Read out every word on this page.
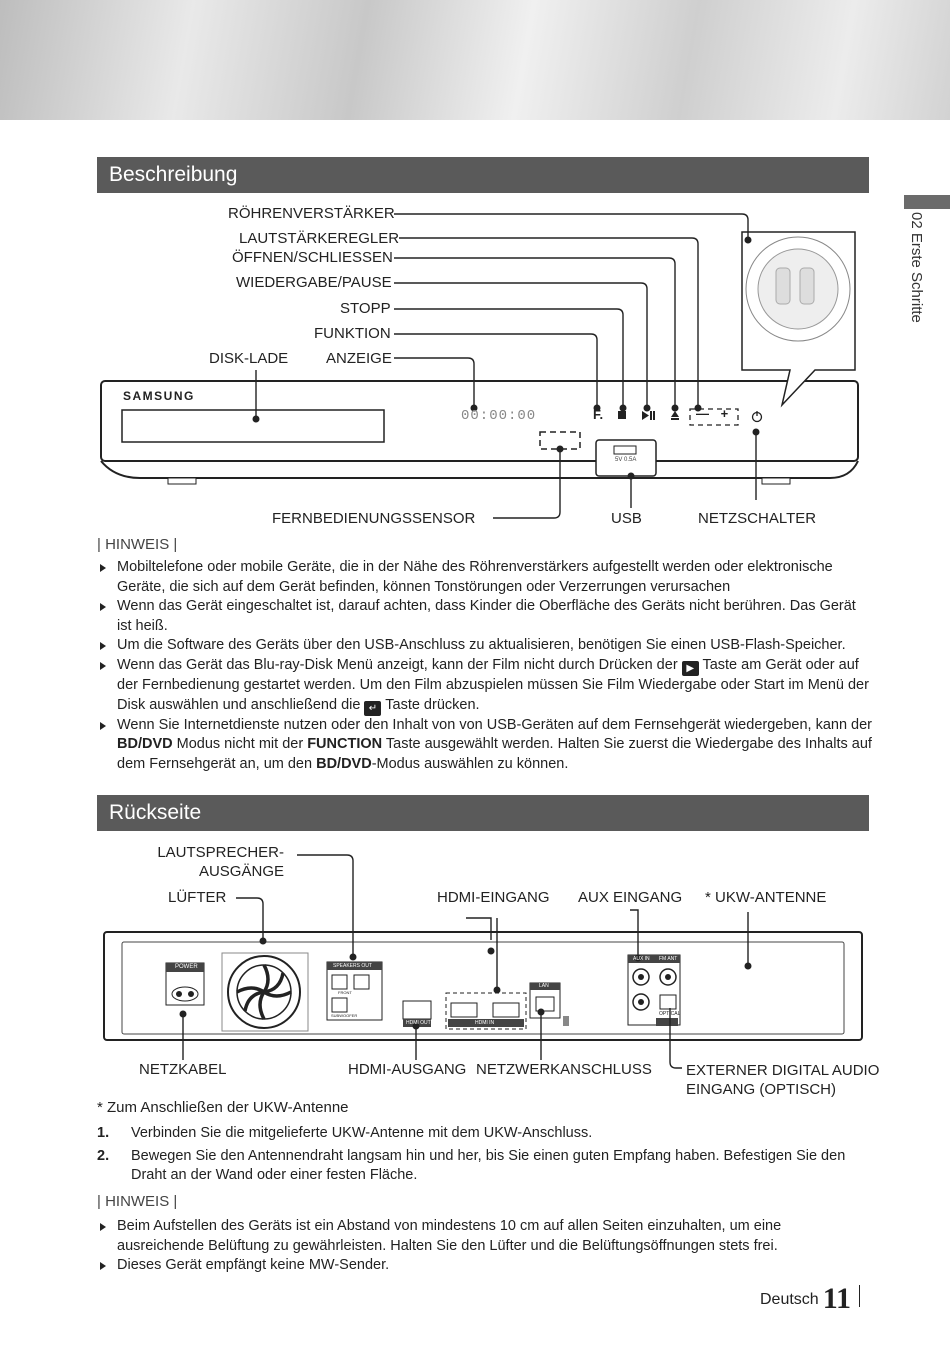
Beschreibung
02 Erste Schritte
SAMSUNG
00:00:00	F.	— +
5V 0.5A
RÖHRENVERSTÄRKER
LAUTSTÄRKEREGLER
ÖFFNEN/SCHLIESSEN
WIEDERGABE/PAUSE
STOPP
FUNKTION
DISK-LADE	ANZEIGE
FERNBEDIENUNGSSENSOR	USB	NETZSCHALTER
| HINWEIS |
Mobiltelefone oder mobile Geräte, die in der Nähe des Röhrenverstärkers aufgestellt werden oder elektronische Geräte, die sich auf dem Gerät befinden, können Tonstörungen oder Verzerrungen verursachen
Wenn das Gerät eingeschaltet ist, darauf achten, dass Kinder die Oberfläche des Geräts nicht berühren. Das Gerät ist heiß.
Um die Software des Geräts über den USB-Anschluss zu aktualisieren, benötigen Sie einen USB-Flash-Speicher.
Wenn das Gerät das Blu-ray-Disk Menü anzeigt, kann der Film nicht durch Drücken der ▶ Taste am Gerät oder auf der Fernbedienung gestartet werden. Um den Film abzuspielen müssen Sie Film Wiedergabe oder Start im Menü der Disk auswählen und anschließend die ↵ Taste drücken.
Wenn Sie Internetdienste nutzen oder den Inhalt von von USB-Geräten auf dem Fernsehgerät wiedergeben, kann der BD/DVD Modus nicht mit der FUNCTION Taste ausgewählt werden. Halten Sie zuerst die Wiedergabe des Inhalts auf dem Fernsehgerät an, um den BD/DVD-Modus auswählen zu können.
Rückseite
POWER	SPEAKERS OUT
FRONT
SUBWOOFER
HDMI OUT	HDMI IN
LAN
AUX IN FM ANT
OPTICAL
LAUTSPRECHER-
AUSGÄNGE
LÜFTER	HDMI-EINGANG AUX EINGANG * UKW-ANTENNE
NETZKABEL	HDMI-AUSGANG NETZWERKANSCHLUSS EXTERNER DIGITAL AUDIO
EINGANG (OPTISCH)
* Zum Anschließen der UKW-Antenne
1. Verbinden Sie die mitgelieferte UKW-Antenne mit dem UKW-Anschluss.
2. Bewegen Sie den Antennendraht langsam hin und her, bis Sie einen guten Empfang haben. Befestigen Sie den Draht an der Wand oder einer festen Fläche.
| HINWEIS |
Beim Aufstellen des Geräts ist ein Abstand von mindestens 10 cm auf allen Seiten einzuhalten, um eine ausreichende Belüftung zu gewährleisten. Halten Sie den Lüfter und die Belüftungsöffnungen stets frei.
Dieses Gerät empfängt keine MW-Sender.
Deutsch 11
